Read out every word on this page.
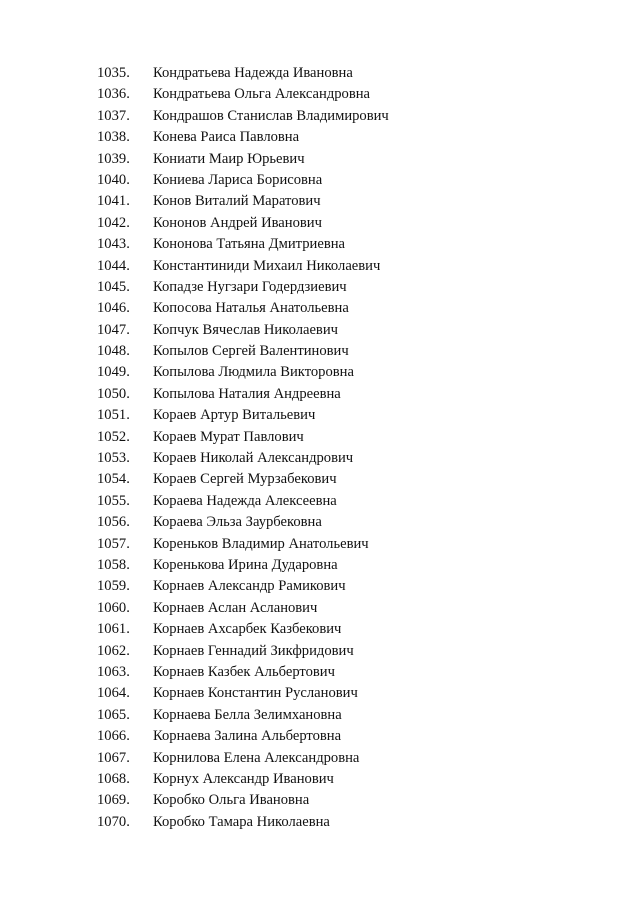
1035.	Кондратьева Надежда Ивановна
1036.	Кондратьева Ольга Александровна
1037.	Кондрашов Станислав Владимирович
1038.	Конева Раиса Павловна
1039.	Кониати Маир Юрьевич
1040.	Кониева Лариса Борисовна
1041.	Конов Виталий Маратович
1042.	Кононов Андрей Иванович
1043.	Кононова Татьяна Дмитриевна
1044.	Константиниди Михаил Николаевич
1045.	Копадзе Нугзари Годердзиевич
1046.	Копосова Наталья Анатольевна
1047.	Копчук Вячеслав Николаевич
1048.	Копылов Сергей Валентинович
1049.	Копылова Людмила Викторовна
1050.	Копылова Наталия Андреевна
1051.	Кораев Артур Витальевич
1052.	Кораев Мурат Павлович
1053.	Кораев Николай Александрович
1054.	Кораев Сергей Мурзабекович
1055.	Кораева Надежда Алексеевна
1056.	Кораева Эльза Заурбековна
1057.	Кореньков Владимир Анатольевич
1058.	Коренькова Ирина Дударовна
1059.	Корнаев Александр Рамикович
1060.	Корнаев Аслан Асланович
1061.	Корнаев Ахсарбек Казбекович
1062.	Корнаев Геннадий Зикфридович
1063.	Корнаев Казбек Альбертович
1064.	Корнаев Константин Русланович
1065.	Корнаева Белла Зелимхановна
1066.	Корнаева Залина Альбертовна
1067.	Корнилова Елена Александровна
1068.	Корнух Александр Иванович
1069.	Коробко Ольга Ивановна
1070.	Коробко Тамара Николаевна
